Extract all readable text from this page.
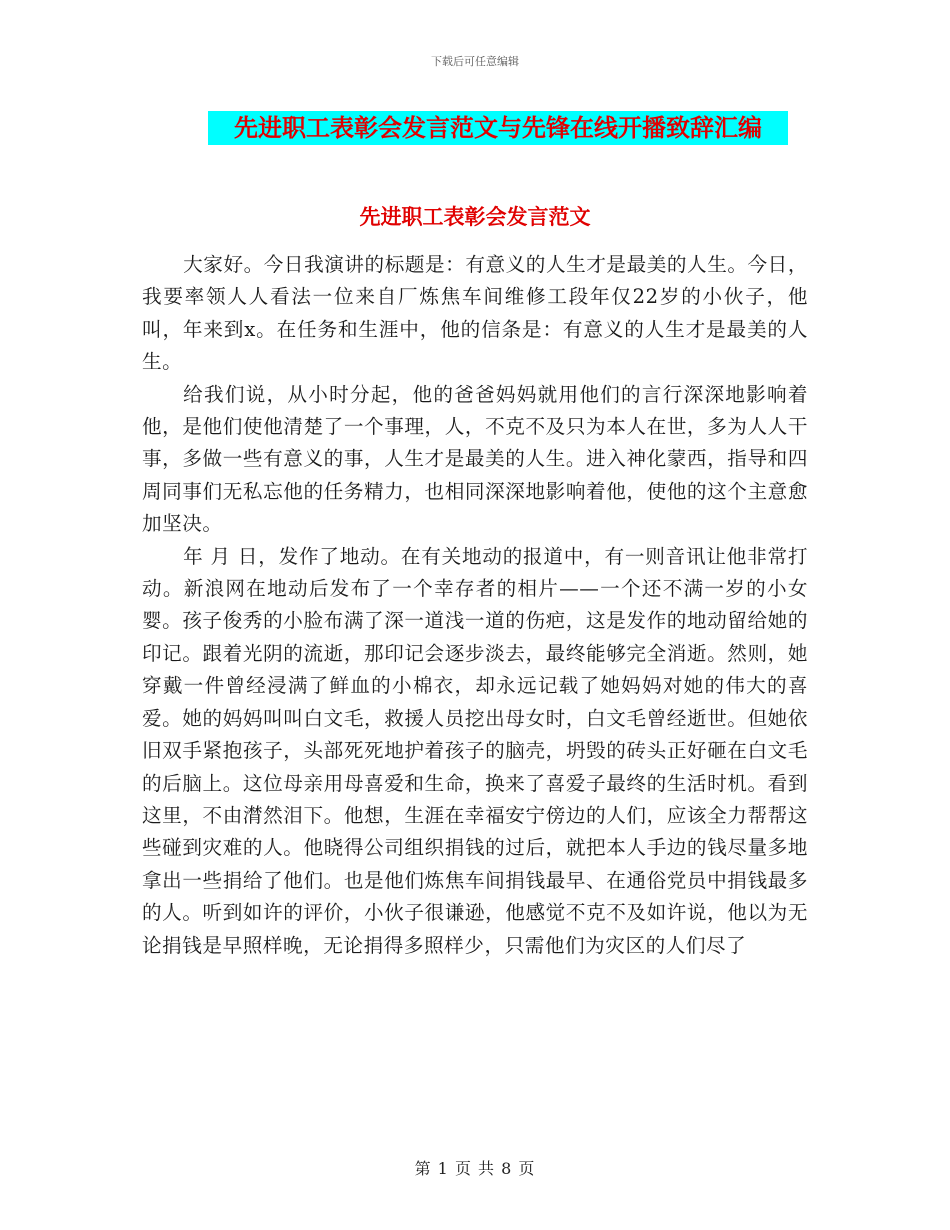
下载后可任意编辑
先进职工表彰会发言范文与先锋在线开播致辞汇编
先进职工表彰会发言范文

大家好。今日我演讲的标题是：有意义的人生才是最美的人生。今日，我要率领人人看法一位来自厂炼焦车间维修工段年仅22岁的小伙子，他叫，年来到x。在任务和生涯中，他的信条是：有意义的人生才是最美的人生。

给我们说，从小时分起，他的爸爸妈妈就用他们的言行深深地影响着他，是他们使他清楚了一个事理，人，不克不及只为本人在世，多为人人干事，多做一些有意义的事，人生才是最美的人生。进入神化蒙西，指导和四周同事们无私忘他的任务精力，也相同深深地影响着他，使他的这个主意愈加坚决。

年 月 日，发作了地动。在有关地动的报道中，有一则音讯让他非常打动。新浪网在地动后发布了一个幸存者的相片——一个还不满一岁的小女婴。孩子俊秀的小脸布满了深一道浅一道的伤疤，这是发作的地动留给她的印记。跟着光阴的流逝，那印记会逐步淡去，最终能够完全消逝。然则，她穿戴一件曾经浸满了鲜血的小棉衣，却永远记载了她妈妈对她的伟大的喜爱。她的妈妈叫叫白文毛，救援人员挖出母女时，白文毛曾经逝世。但她依旧双手紧抱孩子，头部死死地护着孩子的脑壳，坍毁的砖头正好砸在白文毛的后脑上。这位母亲用母喜爱和生命，换来了喜爱子最终的生活时机。看到这里，不由潸然泪下。他想，生涯在幸福安宁傍边的人们，应该全力帮帮这些碰到灾难的人。他晓得公司组织捐钱的过后，就把本人手边的钱尽量多地拿出一些捐给了他们。也是他们炼焦车间捐钱最早、在通俗党员中捐钱最多的人。听到如许的评价，小伙子很谦逊，他感觉不克不及如许说，他以为无论捐钱是早照样晚，无论捐得多照样少，只需他们为灾区的人们尽了

第 1 页 共 8 页
